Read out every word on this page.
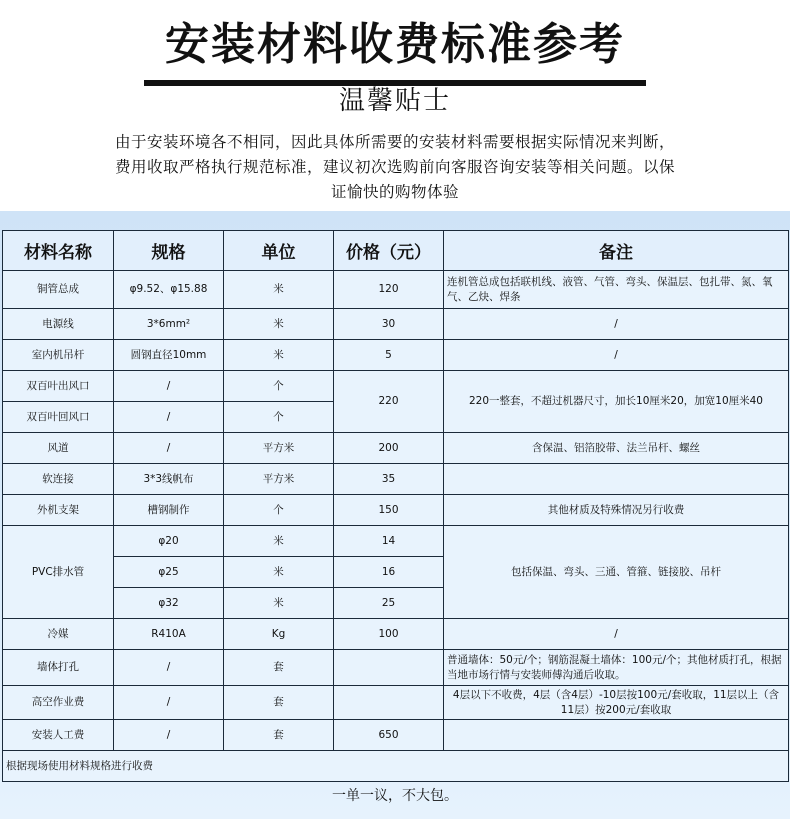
安装材料收费标准参考
温馨贴士
由于安装环境各不相同，因此具体所需要的安装材料需要根据实际情况来判断，费用收取严格执行规范标准，建议初次选购前向客服咨询安装等相关问题。以保证愉快的购物体验
材料名称	规格	单位	价格（元）	备注
铜管总成	φ9.52、φ15.88	米	120	连机管总成包括联机线、液管、气管、弯头、保温层、包扎带、氮、氧气、乙炔、焊条
电源线	3*6mm²	米	30	/
室内机吊杆	圆钢直径10mm	米	5	/
双百叶出风口	/	个	220	220一整套，不超过机器尺寸，加长10厘米20，加宽10厘米40
双百叶回风口	/	个		
风道	/	平方米	200	含保温、铝箔胶带、法兰吊杆、螺丝
软连接	3*3线帆布	平方米	35	
外机支架	槽钢制作	个	150	其他材质及特殊情况另行收费
PVC排水管	φ20	米	14	包括保温、弯头、三通、管箍、链接胶、吊杆
	φ25	米	16	
	φ32	米	25	
冷媒	R410A	Kg	100	/
墙体打孔	/	套		普通墙体：50元/个；钢筋混凝土墙体：100元/个；其他材质打孔，根据当地市场行情与安装师傅沟通后收取。
高空作业费	/	套		4层以下不收费，4层（含4层）-10层按100元/套收取，11层以上（含11层）按200元/套收取
安装人工费	/	套	650	
根据现场使用材料规格进行收费				
一单一议，不大包。
